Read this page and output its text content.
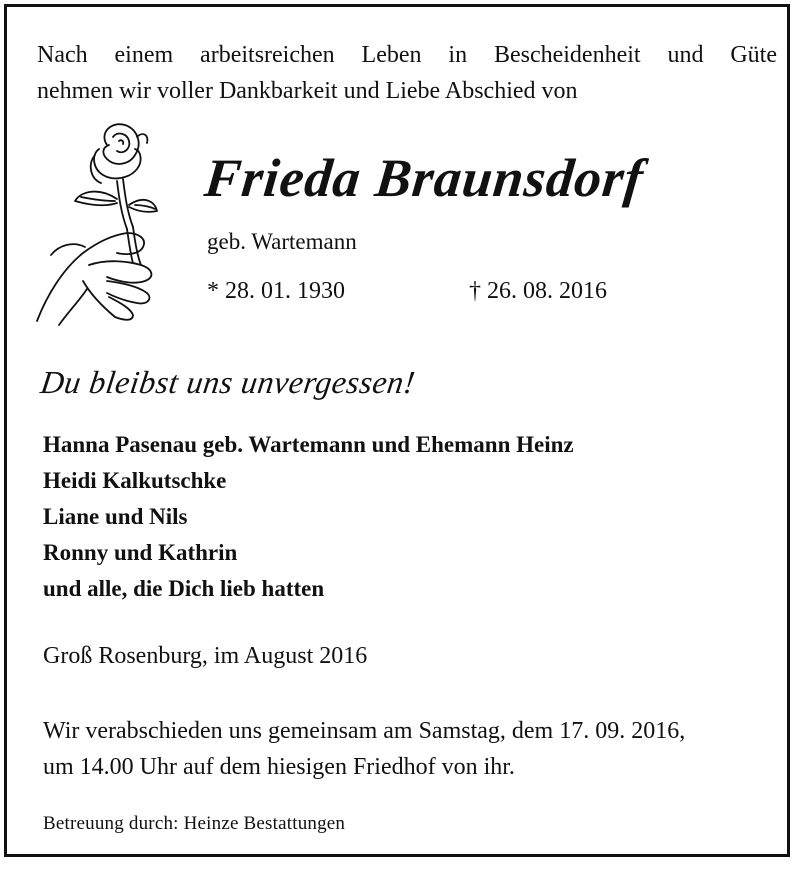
Nach einem arbeitsreichen Leben in Bescheidenheit und Güte
nehmen wir voller Dankbarkeit und Liebe Abschied von
Frieda Braunsdorf
geb. Wartemann
* 28. 01. 1930	† 26. 08. 2016
Du bleibst uns unvergessen!
Hanna Pasenau geb. Wartemann und Ehemann Heinz
Heidi Kalkutschke
Liane und Nils
Ronny und Kathrin
und alle, die Dich lieb hatten
Groß Rosenburg, im August 2016
Wir verabschieden uns gemeinsam am Samstag, dem 17. 09. 2016,
um 14.00 Uhr auf dem hiesigen Friedhof von ihr.
Betreuung durch: Heinze Bestattungen
